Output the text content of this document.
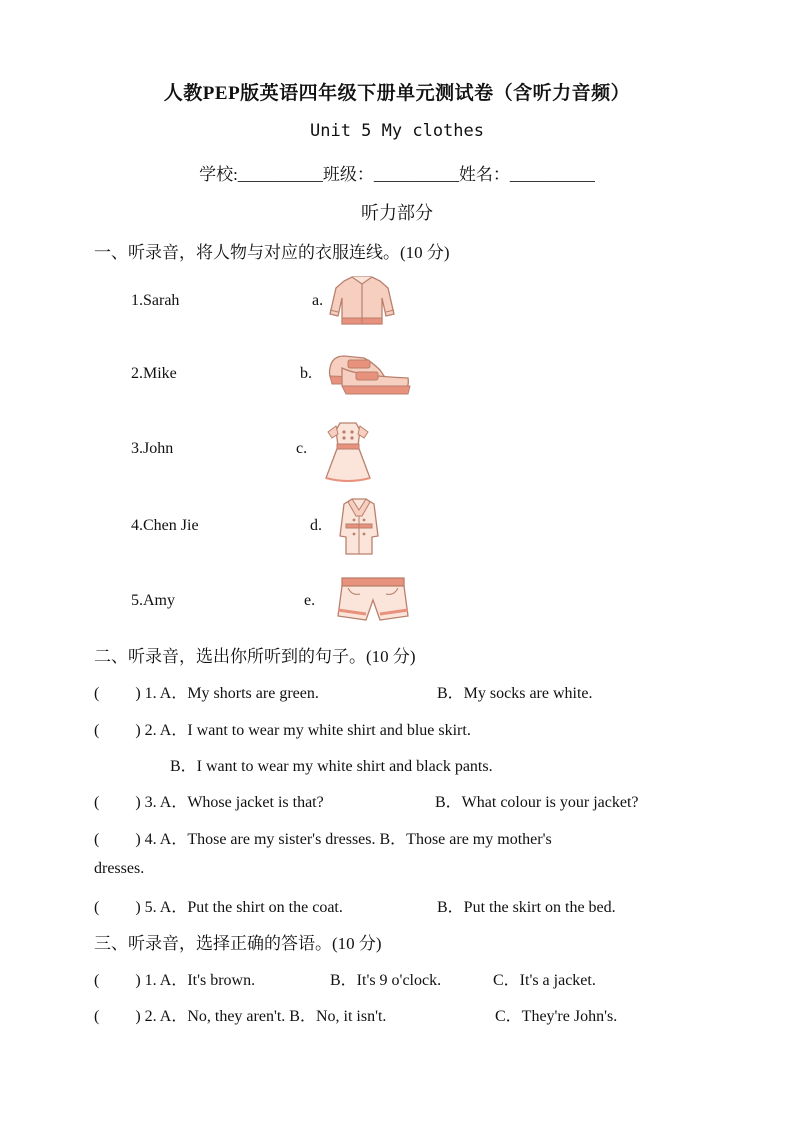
人教PEP版英语四年级下册单元测试卷（含听力音频）
Unit 5 My clothes
学校:__________班级：__________姓名：__________
听力部分
一、听录音，将人物与对应的衣服连线。(10 分)
1.Sarah
2.Mike
3.John
4.Chen Jie
5.Amy
a.
b.
c.
d.
e.
二、听录音，选出你所听到的句子。(10 分)
(　　 ) 1. A．My shorts are green.	B．My socks are white.
(　　 ) 2. A．I want to wear my white shirt and blue skirt.
B．I want to wear my white shirt and black pants.
(　　 ) 3. A．Whose jacket is that?	B．What colour is your jacket?
(　　 ) 4. A．Those are my sister's dresses. B．Those are my mother's
dresses.
(　　 ) 5. A．Put the shirt on the coat.	B．Put the skirt on the bed.
三、听录音，选择正确的答语。(10 分)
(　　 ) 1. A．It's brown.	B．It's 9 o'clock.	C．It's a jacket.
(　　 ) 2. A．No, they aren't. B．No, it isn't.	C．They're John's.
